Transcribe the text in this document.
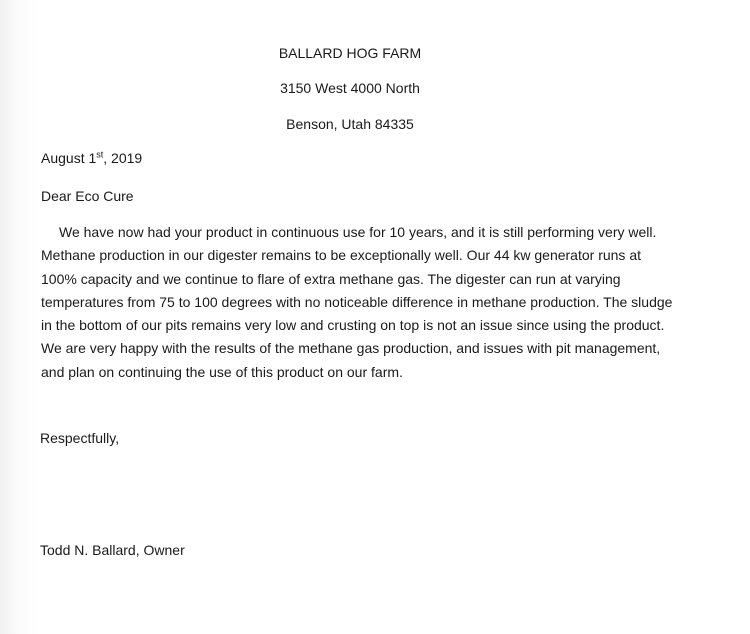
BALLARD HOG FARM

3150 West 4000 North

Benson, Utah 84335

August 1st, 2019

Dear Eco Cure

We have now had your product in continuous use for 10 years, and it is still performing very well.
Methane production in our digester remains to be exceptionally well. Our 44 kw generator runs at
100% capacity and we continue to flare of extra methane gas. The digester can run at varying
temperatures from 75 to 100 degrees with no noticeable difference in methane production. The sludge
in the bottom of our pits remains very low and crusting on top is not an issue since using the product.
We are very happy with the results of the methane gas production, and issues with pit management,
and plan on continuing the use of this product on our farm.

Respectfully,

Todd N. Ballard, Owner
